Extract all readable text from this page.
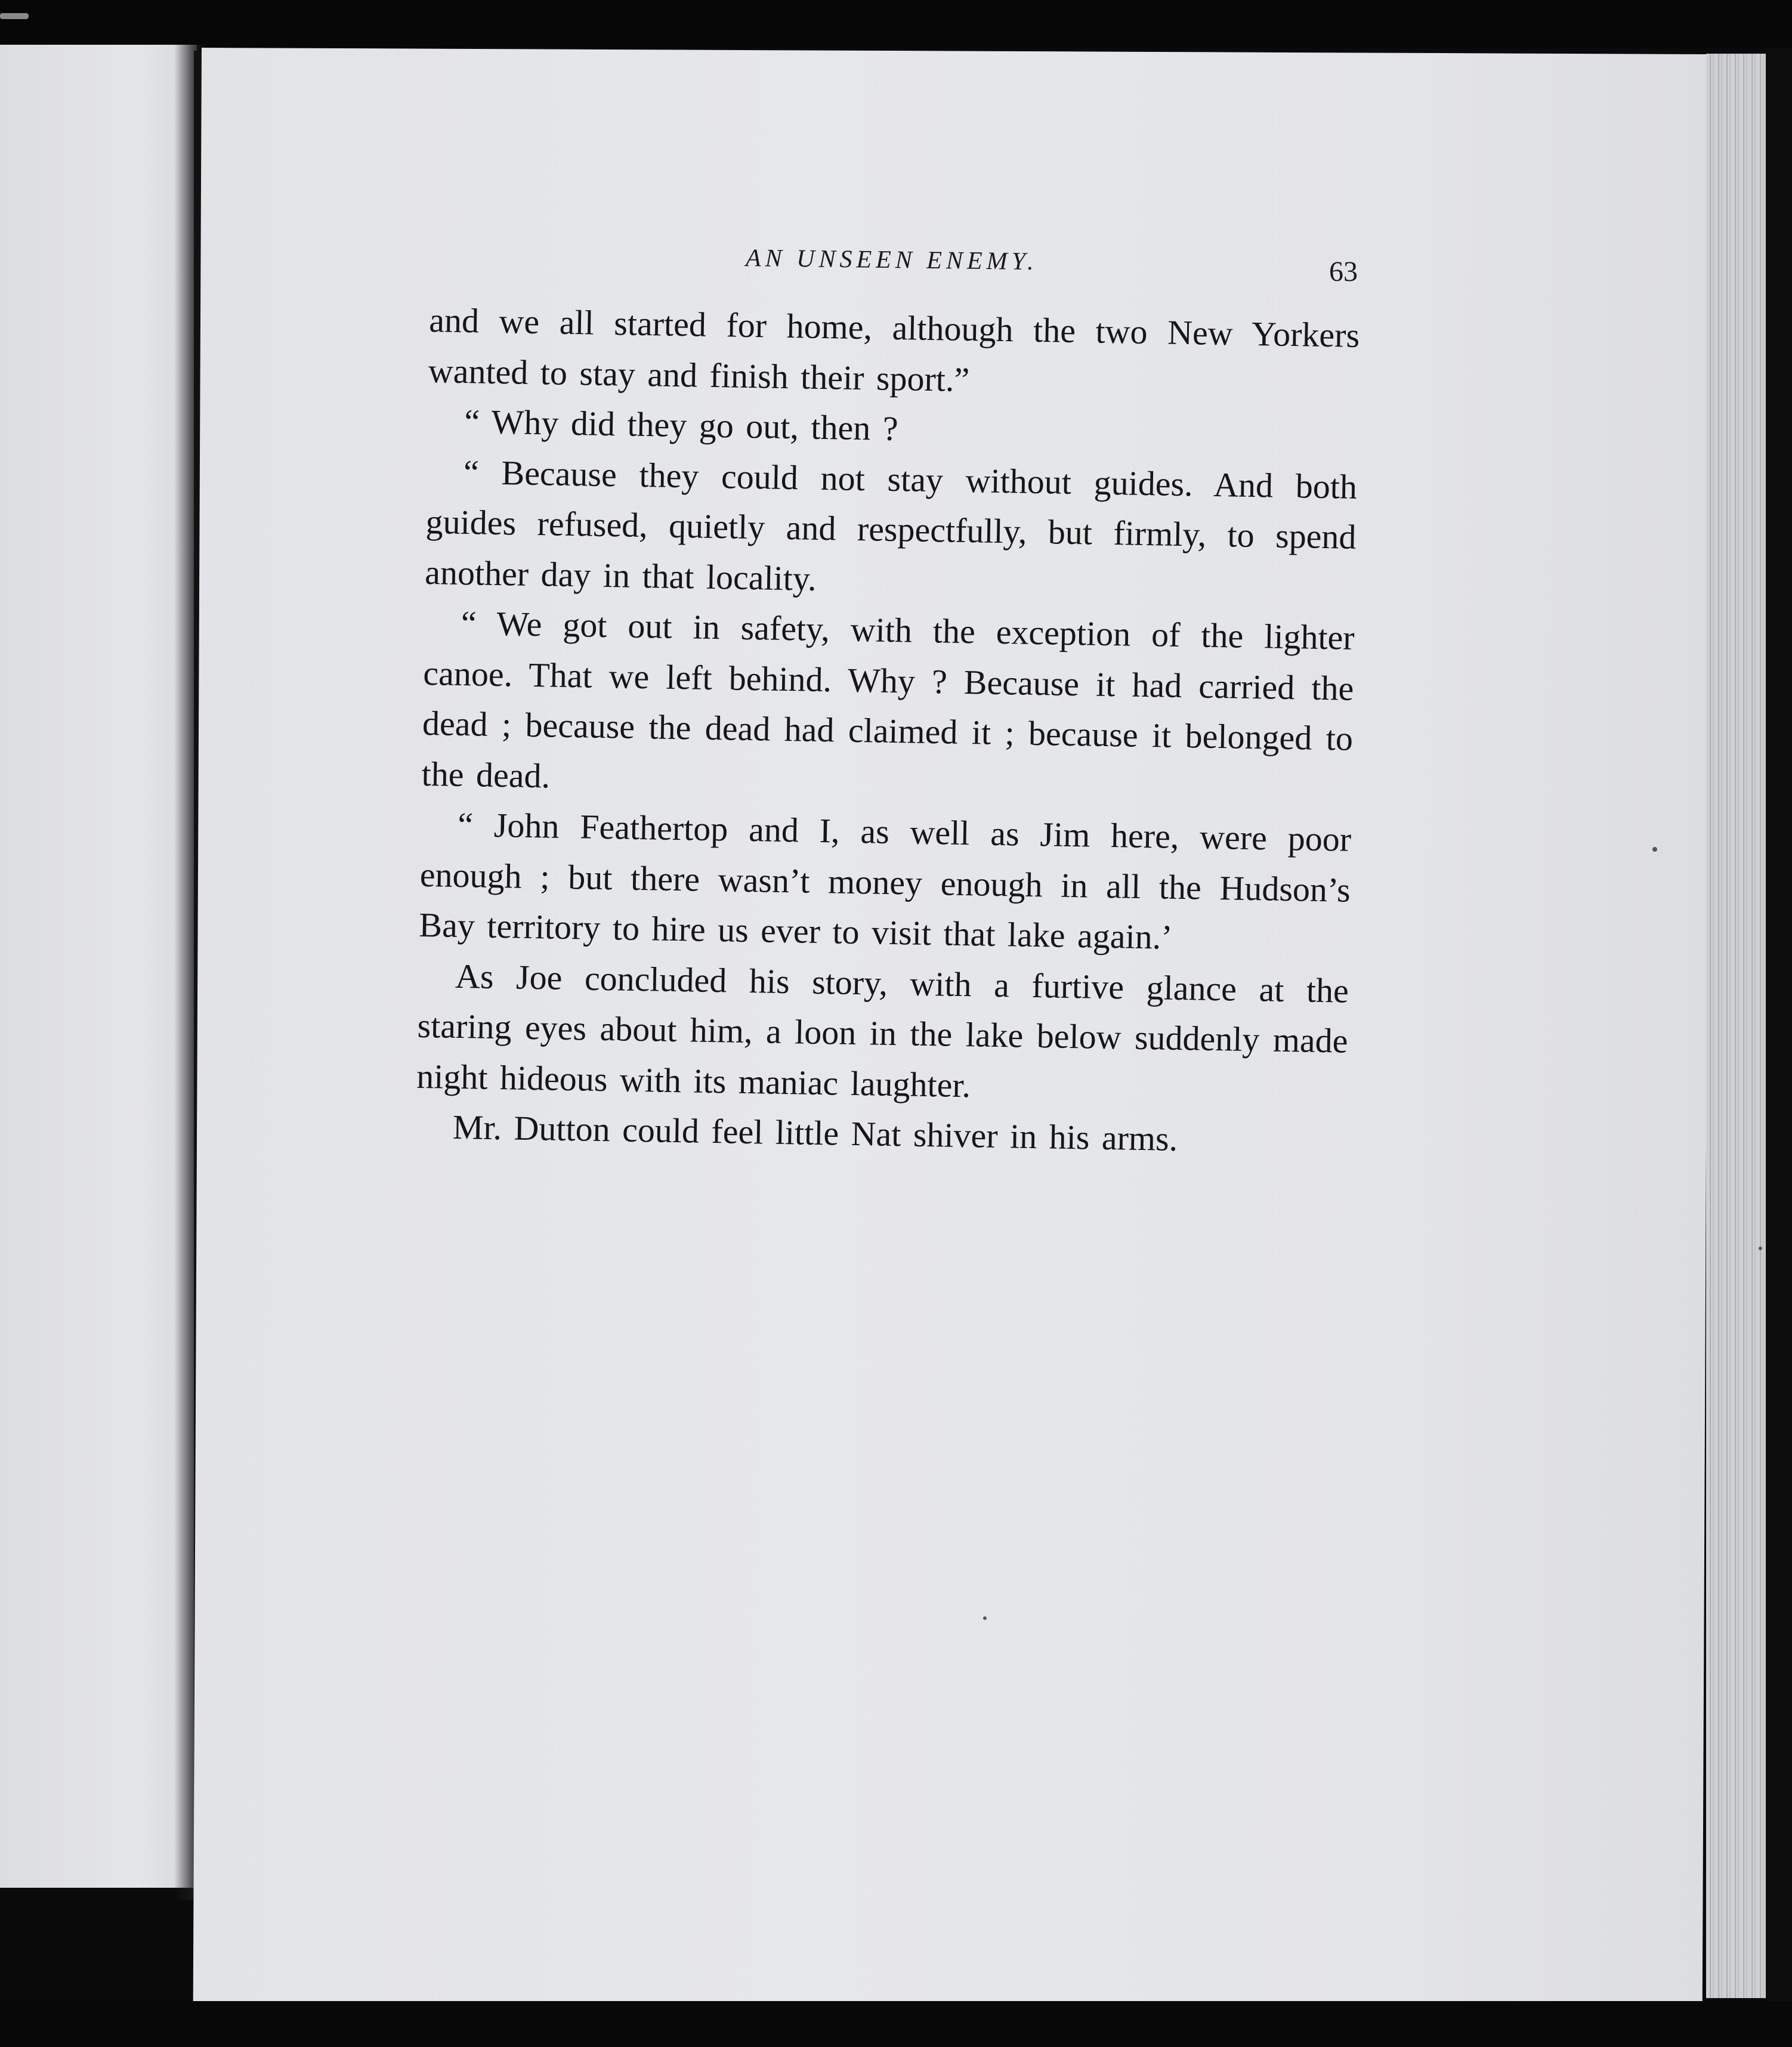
AN UNSEEN ENEMY.	63

and we all started for home, although the two New Yorkers wanted to stay and finish their sport.”

“ Why did they go out, then ?

“ Because they could not stay without guides. And both guides refused, quietly and respectfully, but firmly, to spend another day in that locality.

“ We got out in safety, with the exception of the lighter canoe. That we left behind. Why ? Because it had carried the dead ; because the dead had claimed it ; because it belonged to the dead.

“ John Feathertop and I, as well as Jim here, were poor enough ; but there wasn’t money enough in all the Hudson’s Bay territory to hire us ever to visit that lake again.’

As Joe concluded his story, with a furtive glance at the staring eyes about him, a loon in the lake below suddenly made night hideous with its maniac laughter.

Mr. Dutton could feel little Nat shiver in his arms.
